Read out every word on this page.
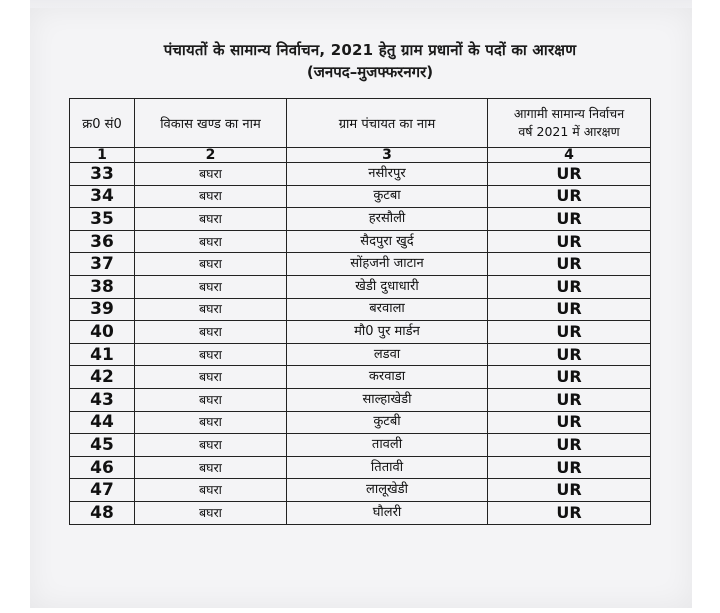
पंचायतों के सामान्य निर्वाचन, 2021 हेतु ग्राम प्रधानों के पदों का आरक्षण
(जनपद–मुजफ्फरनगर)
क्र0 सं0	विकास खण्ड का नाम	ग्राम पंचायत का नाम	आगामी सामान्य निर्वाचन
वर्ष 2021 में आरक्षण
1	2	3	4
33	बघरा	नसीरपुर	UR
34	बघरा	कुटबा	UR
35	बघरा	हरसौली	UR
36	बघरा	सैदपुरा खुर्द	UR
37	बघरा	सोंहजनी जाटान	UR
38	बघरा	खेडी दुधाधारी	UR
39	बघरा	बरवाला	UR
40	बघरा	मौ0 पुर मार्डन	UR
41	बघरा	लडवा	UR
42	बघरा	करवाडा	UR
43	बघरा	साल्हाखेडी	UR
44	बघरा	कुटबी	UR
45	बघरा	तावली	UR
46	बघरा	तितावी	UR
47	बघरा	लालूखेडी	UR
48	बघरा	घौलरी	UR
